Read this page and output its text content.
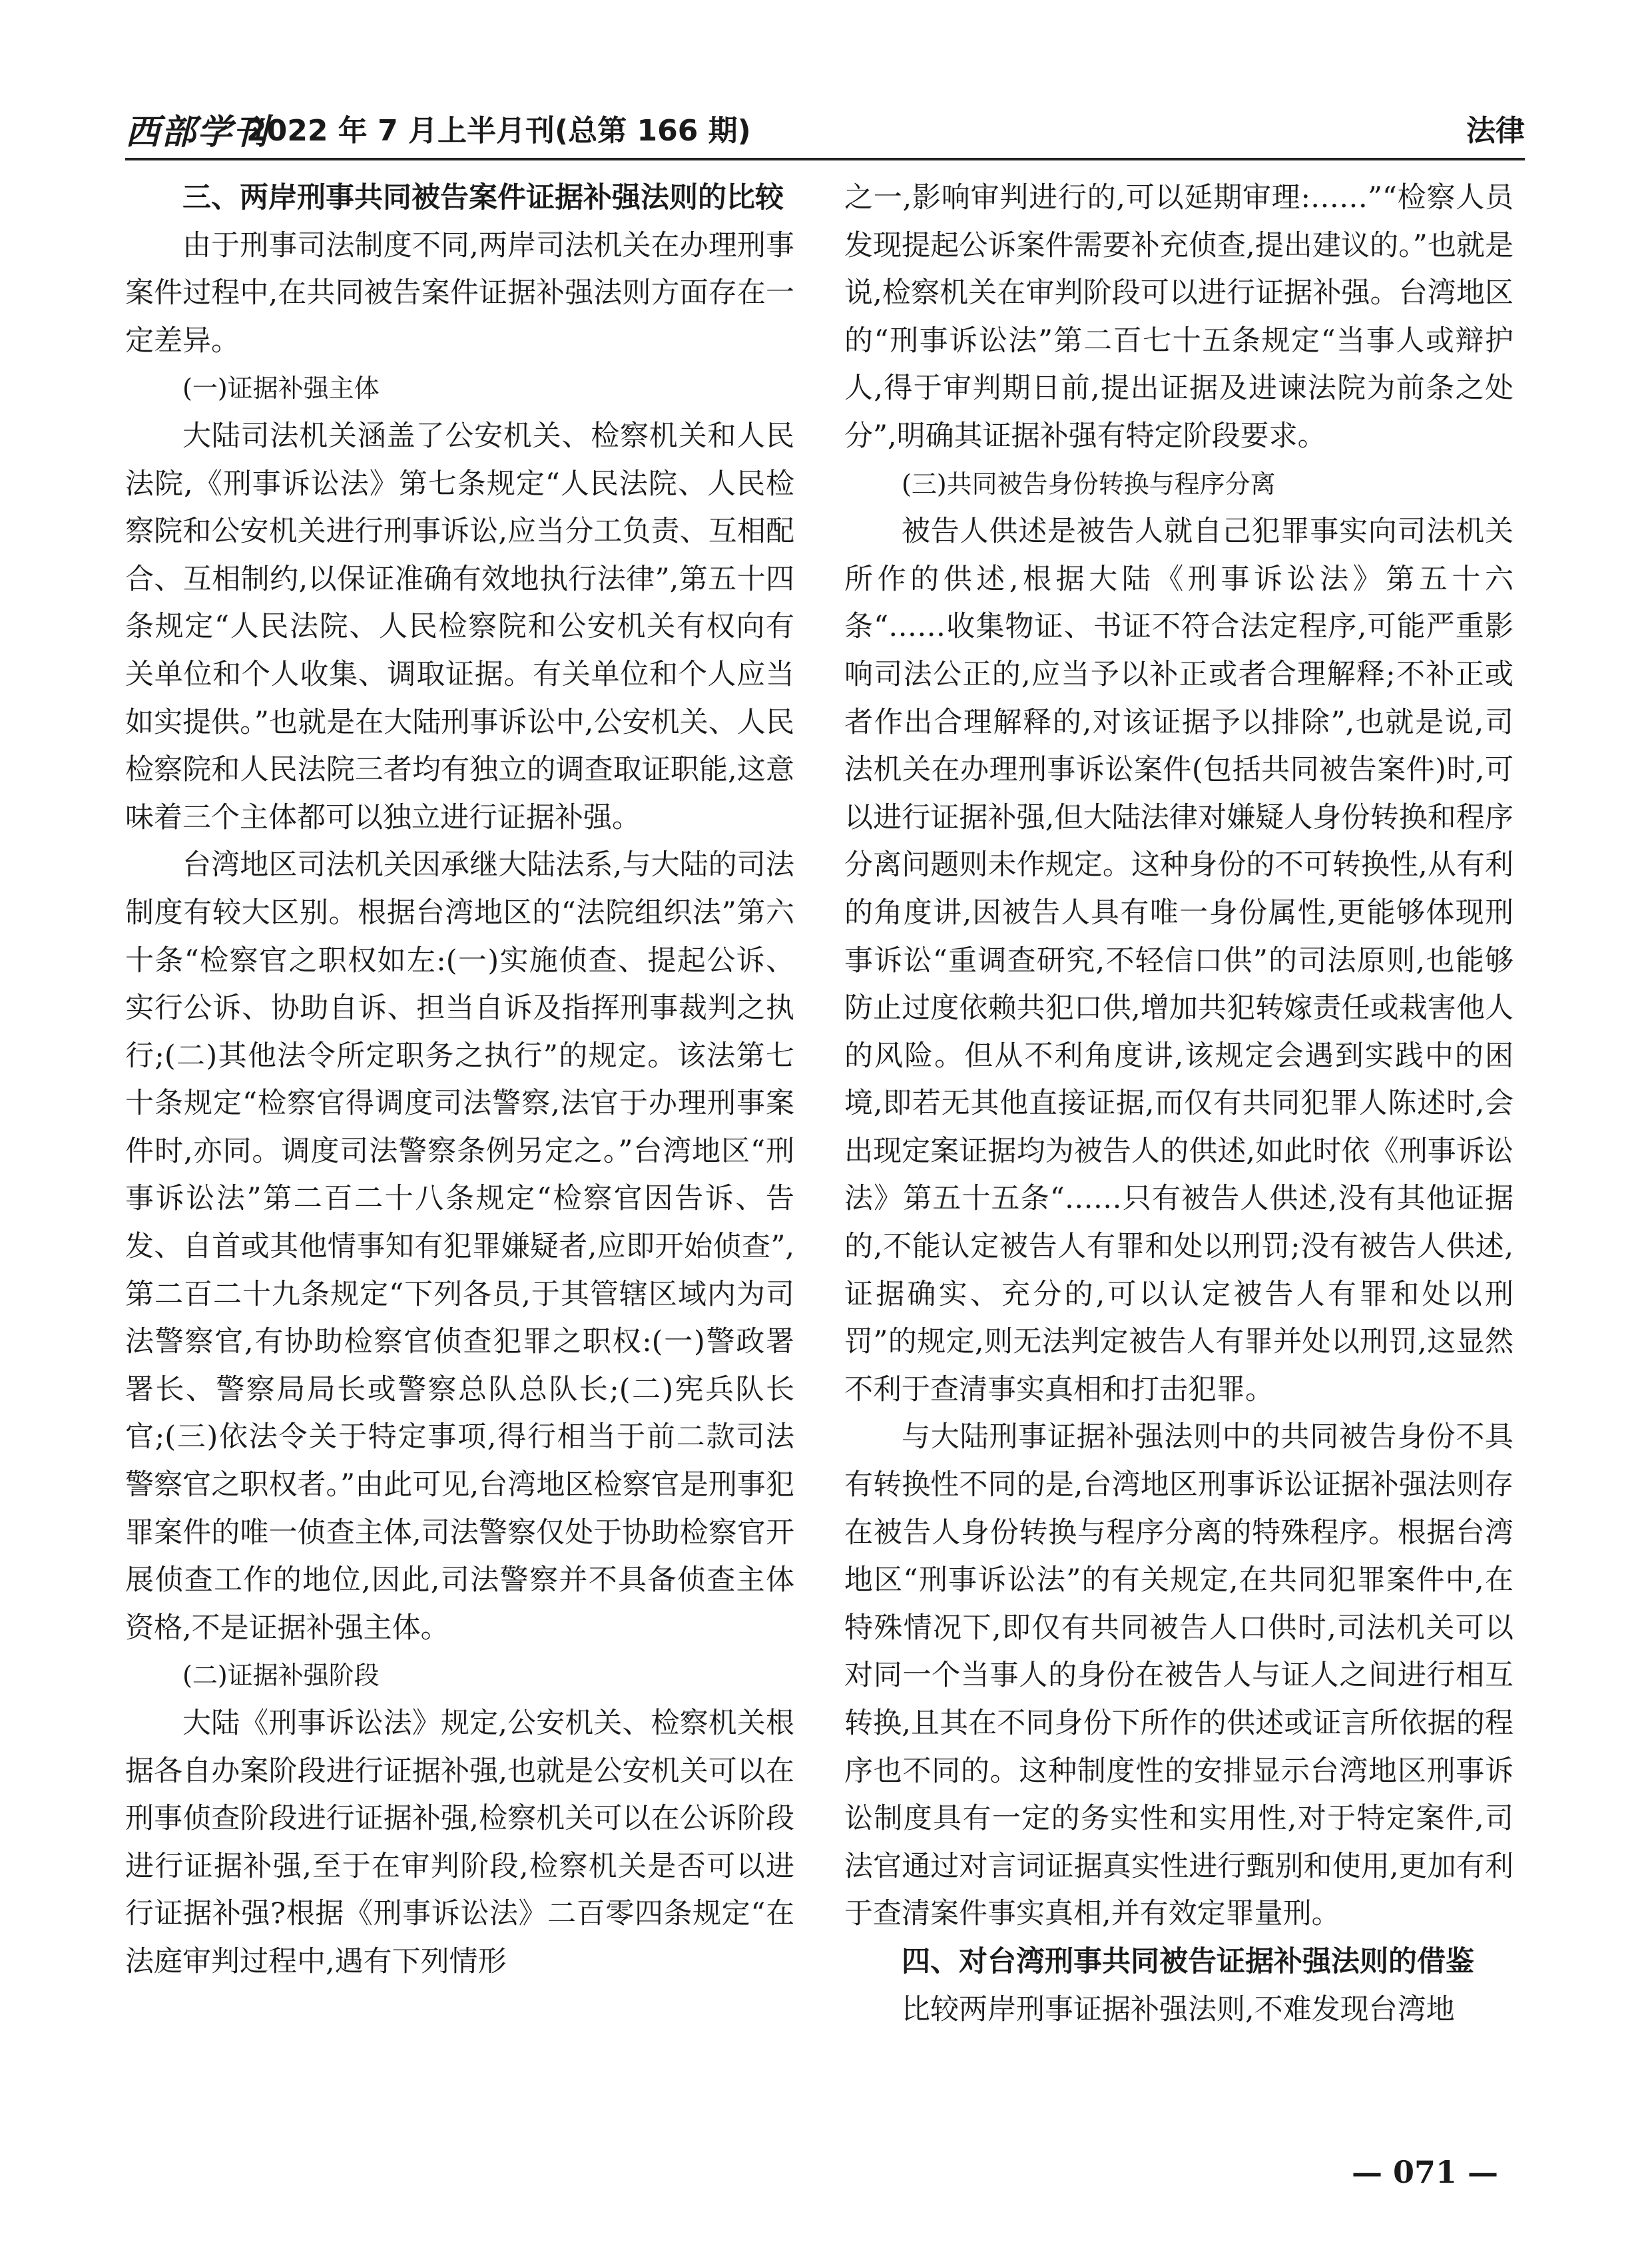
西部学刊
2022 年 7 月上半月刊(总第 166 期)	法律

三、两岸刑事共同被告案件证据补强法则的比较

由于刑事司法制度不同,两岸司法机关在办理刑事案件过程中,在共同被告案件证据补强法则方面存在一定差异。

(一)证据补强主体

大陆司法机关涵盖了公安机关、检察机关和人民法院,《刑事诉讼法》第七条规定“人民法院、人民检察院和公安机关进行刑事诉讼,应当分工负责、互相配合、互相制约,以保证准确有效地执行法律”,第五十四条规定“人民法院、人民检察院和公安机关有权向有关单位和个人收集、调取证据。有关单位和个人应当如实提供。”也就是在大陆刑事诉讼中,公安机关、人民检察院和人民法院三者均有独立的调查取证职能,这意味着三个主体都可以独立进行证据补强。

台湾地区司法机关因承继大陆法系,与大陆的司法制度有较大区别。根据台湾地区的“法院组织法”第六十条“检察官之职权如左:(一)实施侦查、提起公诉、实行公诉、协助自诉、担当自诉及指挥刑事裁判之执行;(二)其他法令所定职务之执行”的规定。该法第七十条规定“检察官得调度司法警察,法官于办理刑事案件时,亦同。调度司法警察条例另定之。”台湾地区“刑事诉讼法”第二百二十八条规定“检察官因告诉、告发、自首或其他情事知有犯罪嫌疑者,应即开始侦查”,第二百二十九条规定“下列各员,于其管辖区域内为司法警察官,有协助检察官侦查犯罪之职权:(一)警政署署长、警察局局长或警察总队总队长;(二)宪兵队长官;(三)依法令关于特定事项,得行相当于前二款司法警察官之职权者。”由此可见,台湾地区检察官是刑事犯罪案件的唯一侦查主体,司法警察仅处于协助检察官开展侦查工作的地位,因此,司法警察并不具备侦查主体资格,不是证据补强主体。

(二)证据补强阶段

大陆《刑事诉讼法》规定,公安机关、检察机关根据各自办案阶段进行证据补强,也就是公安机关可以在刑事侦查阶段进行证据补强,检察机关可以在公诉阶段进行证据补强,至于在审判阶段,检察机关是否可以进行证据补强?根据《刑事诉讼法》二百零四条规定“在法庭审判过程中,遇有下列情形

之一,影响审判进行的,可以延期审理:……”“检察人员发现提起公诉案件需要补充侦查,提出建议的。”也就是说,检察机关在审判阶段可以进行证据补强。台湾地区的“刑事诉讼法”第二百七十五条规定“当事人或辩护人,得于审判期日前,提出证据及进谏法院为前条之处分”,明确其证据补强有特定阶段要求。

(三)共同被告身份转换与程序分离

被告人供述是被告人就自己犯罪事实向司法机关所作的供述,根据大陆《刑事诉讼法》第五十六条“……收集物证、书证不符合法定程序,可能严重影响司法公正的,应当予以补正或者合理解释;不补正或者作出合理解释的,对该证据予以排除”,也就是说,司法机关在办理刑事诉讼案件(包括共同被告案件)时,可以进行证据补强,但大陆法律对嫌疑人身份转换和程序分离问题则未作规定。这种身份的不可转换性,从有利的角度讲,因被告人具有唯一身份属性,更能够体现刑事诉讼“重调查研究,不轻信口供”的司法原则,也能够防止过度依赖共犯口供,增加共犯转嫁责任或栽害他人的风险。但从不利角度讲,该规定会遇到实践中的困境,即若无其他直接证据,而仅有共同犯罪人陈述时,会出现定案证据均为被告人的供述,如此时依《刑事诉讼法》第五十五条“……只有被告人供述,没有其他证据的,不能认定被告人有罪和处以刑罚;没有被告人供述,证据确实、充分的,可以认定被告人有罪和处以刑罚”的规定,则无法判定被告人有罪并处以刑罚,这显然不利于查清事实真相和打击犯罪。

与大陆刑事证据补强法则中的共同被告身份不具有转换性不同的是,台湾地区刑事诉讼证据补强法则存在被告人身份转换与程序分离的特殊程序。根据台湾地区“刑事诉讼法”的有关规定,在共同犯罪案件中,在特殊情况下,即仅有共同被告人口供时,司法机关可以对同一个当事人的身份在被告人与证人之间进行相互转换,且其在不同身份下所作的供述或证言所依据的程序也不同的。这种制度性的安排显示台湾地区刑事诉讼制度具有一定的务实性和实用性,对于特定案件,司法官通过对言词证据真实性进行甄别和使用,更加有利于查清案件事实真相,并有效定罪量刑。

四、对台湾刑事共同被告证据补强法则的借鉴

比较两岸刑事证据补强法则,不难发现台湾地

— 071 —
